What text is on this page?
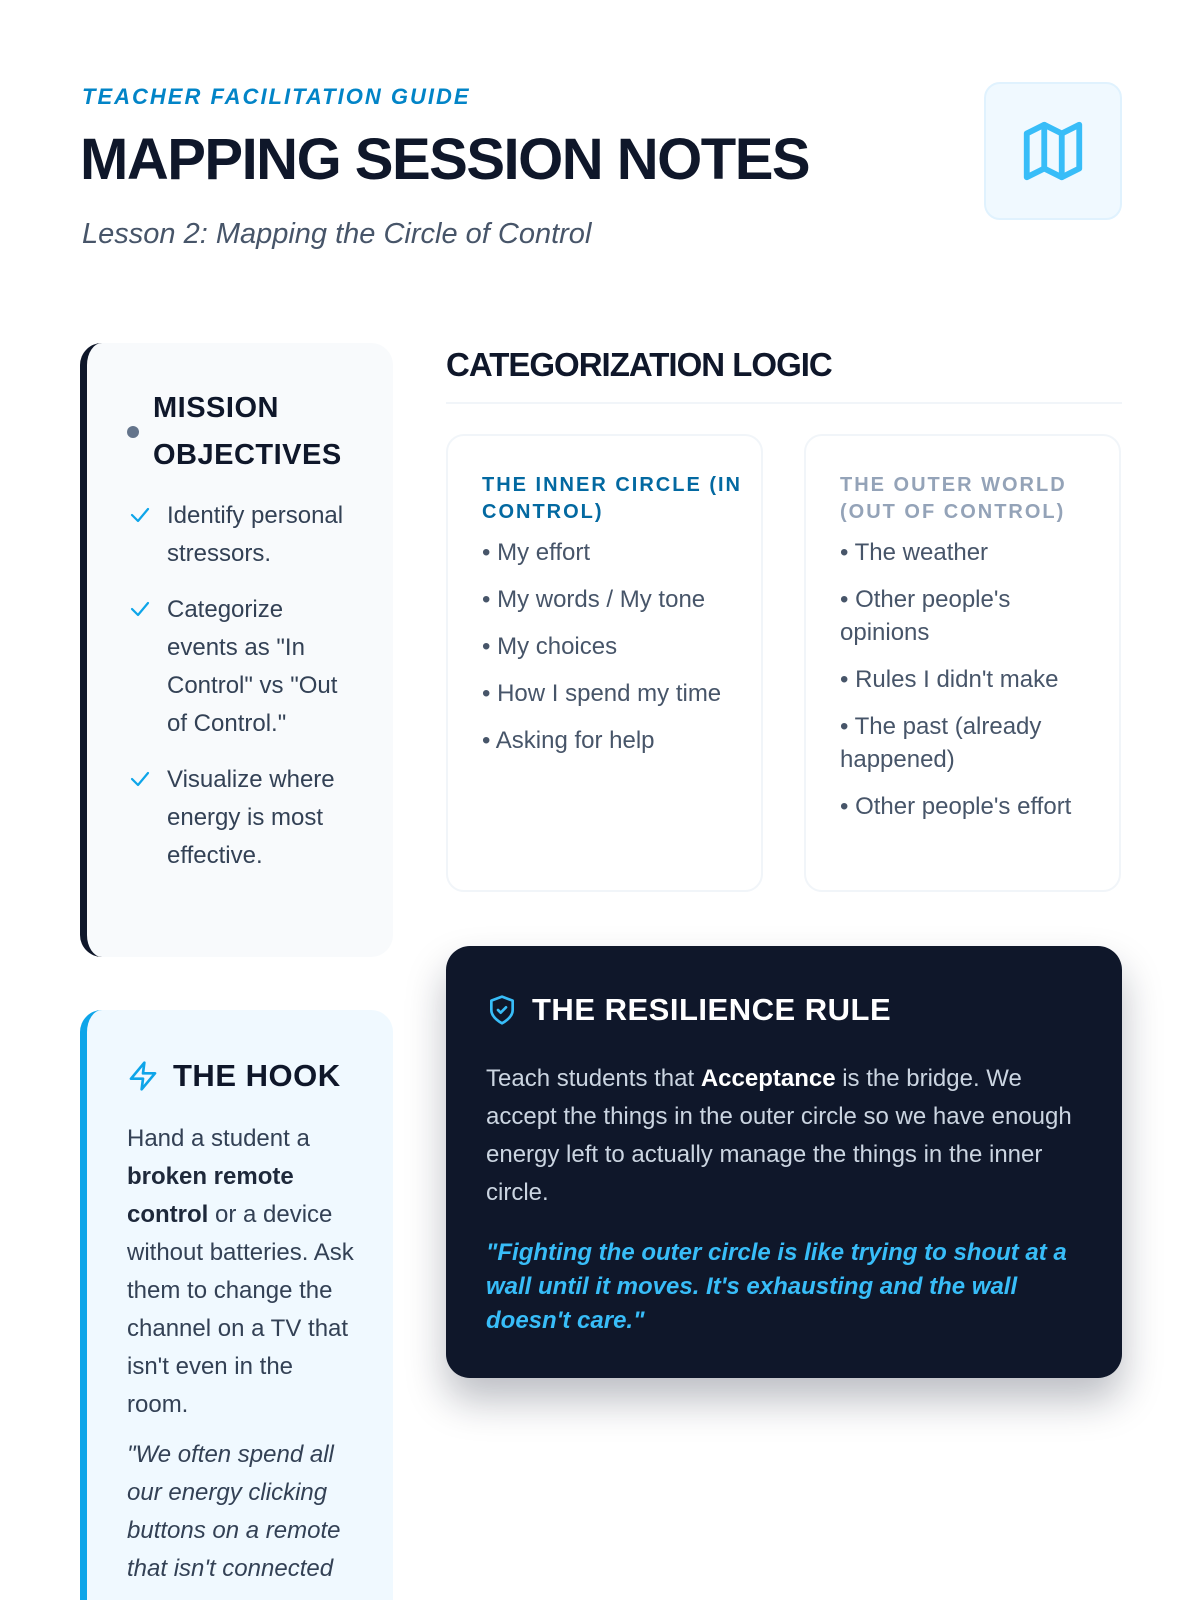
TEACHER FACILITATION GUIDE
MAPPING SESSION NOTES
Lesson 2: Mapping the Circle of Control
MISSION OBJECTIVES
Identify personal stressors.
Categorize events as "In Control" vs "Out of Control."
Visualize where energy is most effective.
THE HOOK

Hand a student a broken remote control or a device without batteries. Ask them to change the channel on a TV that isn't even in the room.

"We often spend all our energy clicking buttons on a remote that isn't connected

CATEGORIZATION LOGIC
THE INNER CIRCLE (IN CONTROL)
• My effort
• My words / My tone
• My choices
• How I spend my time
• Asking for help
THE OUTER WORLD (OUT OF CONTROL)
• The weather
• Other people's opinions
• Rules I didn't make
• The past (already happened)
• Other people's effort
THE RESILIENCE RULE

Teach students that Acceptance is the bridge. We accept the things in the outer circle so we have enough energy left to actually manage the things in the inner circle.

"Fighting the outer circle is like trying to shout at a wall until it moves. It's exhausting and the wall doesn't care."
